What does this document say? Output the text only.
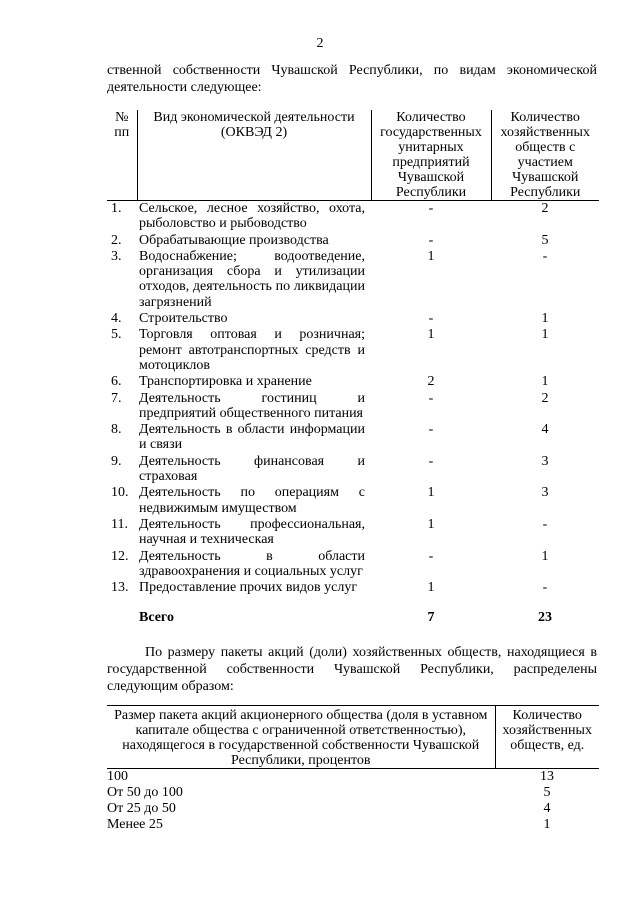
2
ственной собственности Чувашской Республики, по видам экономической деятельности следующее:
№ пп	Вид экономической деятельности (ОКВЭД 2)	Количество государственных унитарных предприятий Чувашской Республики	Количество хозяйственных обществ с участием Чувашской Республики
1.	Сельское, лесное хозяйство, охота, рыболовство и рыбоводство	-	2
2.	Обрабатывающие производства	-	5
3.	Водоснабжение; водоотведение, организация сбора и утилизации отходов, деятельность по ликвидации загрязнений	1	-
4.	Строительство	-	1
5.	Торговля оптовая и розничная; ремонт автотранспортных средств и мотоциклов	1	1
6.	Транспортировка и хранение	2	1
7.	Деятельность гостиниц и предприятий общественного питания	-	2
8.	Деятельность в области информации и связи	-	4
9.	Деятельность финансовая и страховая	-	3
10.	Деятельность по операциям с недвижимым имуществом	1	3
11.	Деятельность профессиональная, научная и техническая	1	-
12.	Деятельность в области здравоохранения и социальных услуг	-	1
13.	Предоставление прочих видов услуг	1	-
	Всего	7	23
По размеру пакеты акций (доли) хозяйственных обществ, находящиеся в государственной собственности Чувашской Республики, распределены следующим образом:
Размер пакета акций акционерного общества (доля в уставном капитале общества с ограниченной ответственностью), находящегося в государственной собственности Чувашской Республики, процентов	Количество хозяйственных обществ, ед.
100	13
От 50 до 100	5
От 25 до 50	4
Менее 25	1
